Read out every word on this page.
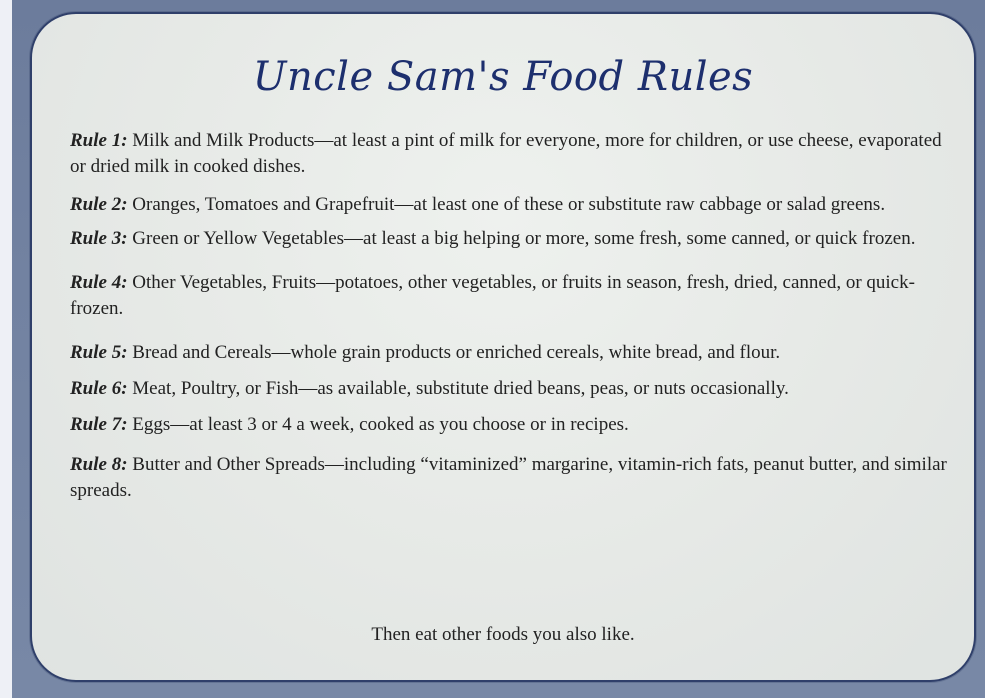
Uncle Sam's Food Rules
Rule 1: Milk and Milk Products—at least a pint of milk for everyone, more for children, or use cheese, evaporated or dried milk in cooked dishes.
Rule 2: Oranges, Tomatoes and Grapefruit—at least one of these or substitute raw cabbage or salad greens.
Rule 3: Green or Yellow Vegetables—at least a big helping or more, some fresh, some canned, or quick frozen.
Rule 4: Other Vegetables, Fruits—potatoes, other vegetables, or fruits in season, fresh, dried, canned, or quick-frozen.
Rule 5: Bread and Cereals—whole grain products or enriched cereals, white bread, and flour.
Rule 6: Meat, Poultry, or Fish—as available, substitute dried beans, peas, or nuts occasionally.
Rule 7: Eggs—at least 3 or 4 a week, cooked as you choose or in recipes.
Rule 8: Butter and Other Spreads—including “vitaminized” margarine, vitamin-rich fats, peanut butter, and similar spreads.
Then eat other foods you also like.
